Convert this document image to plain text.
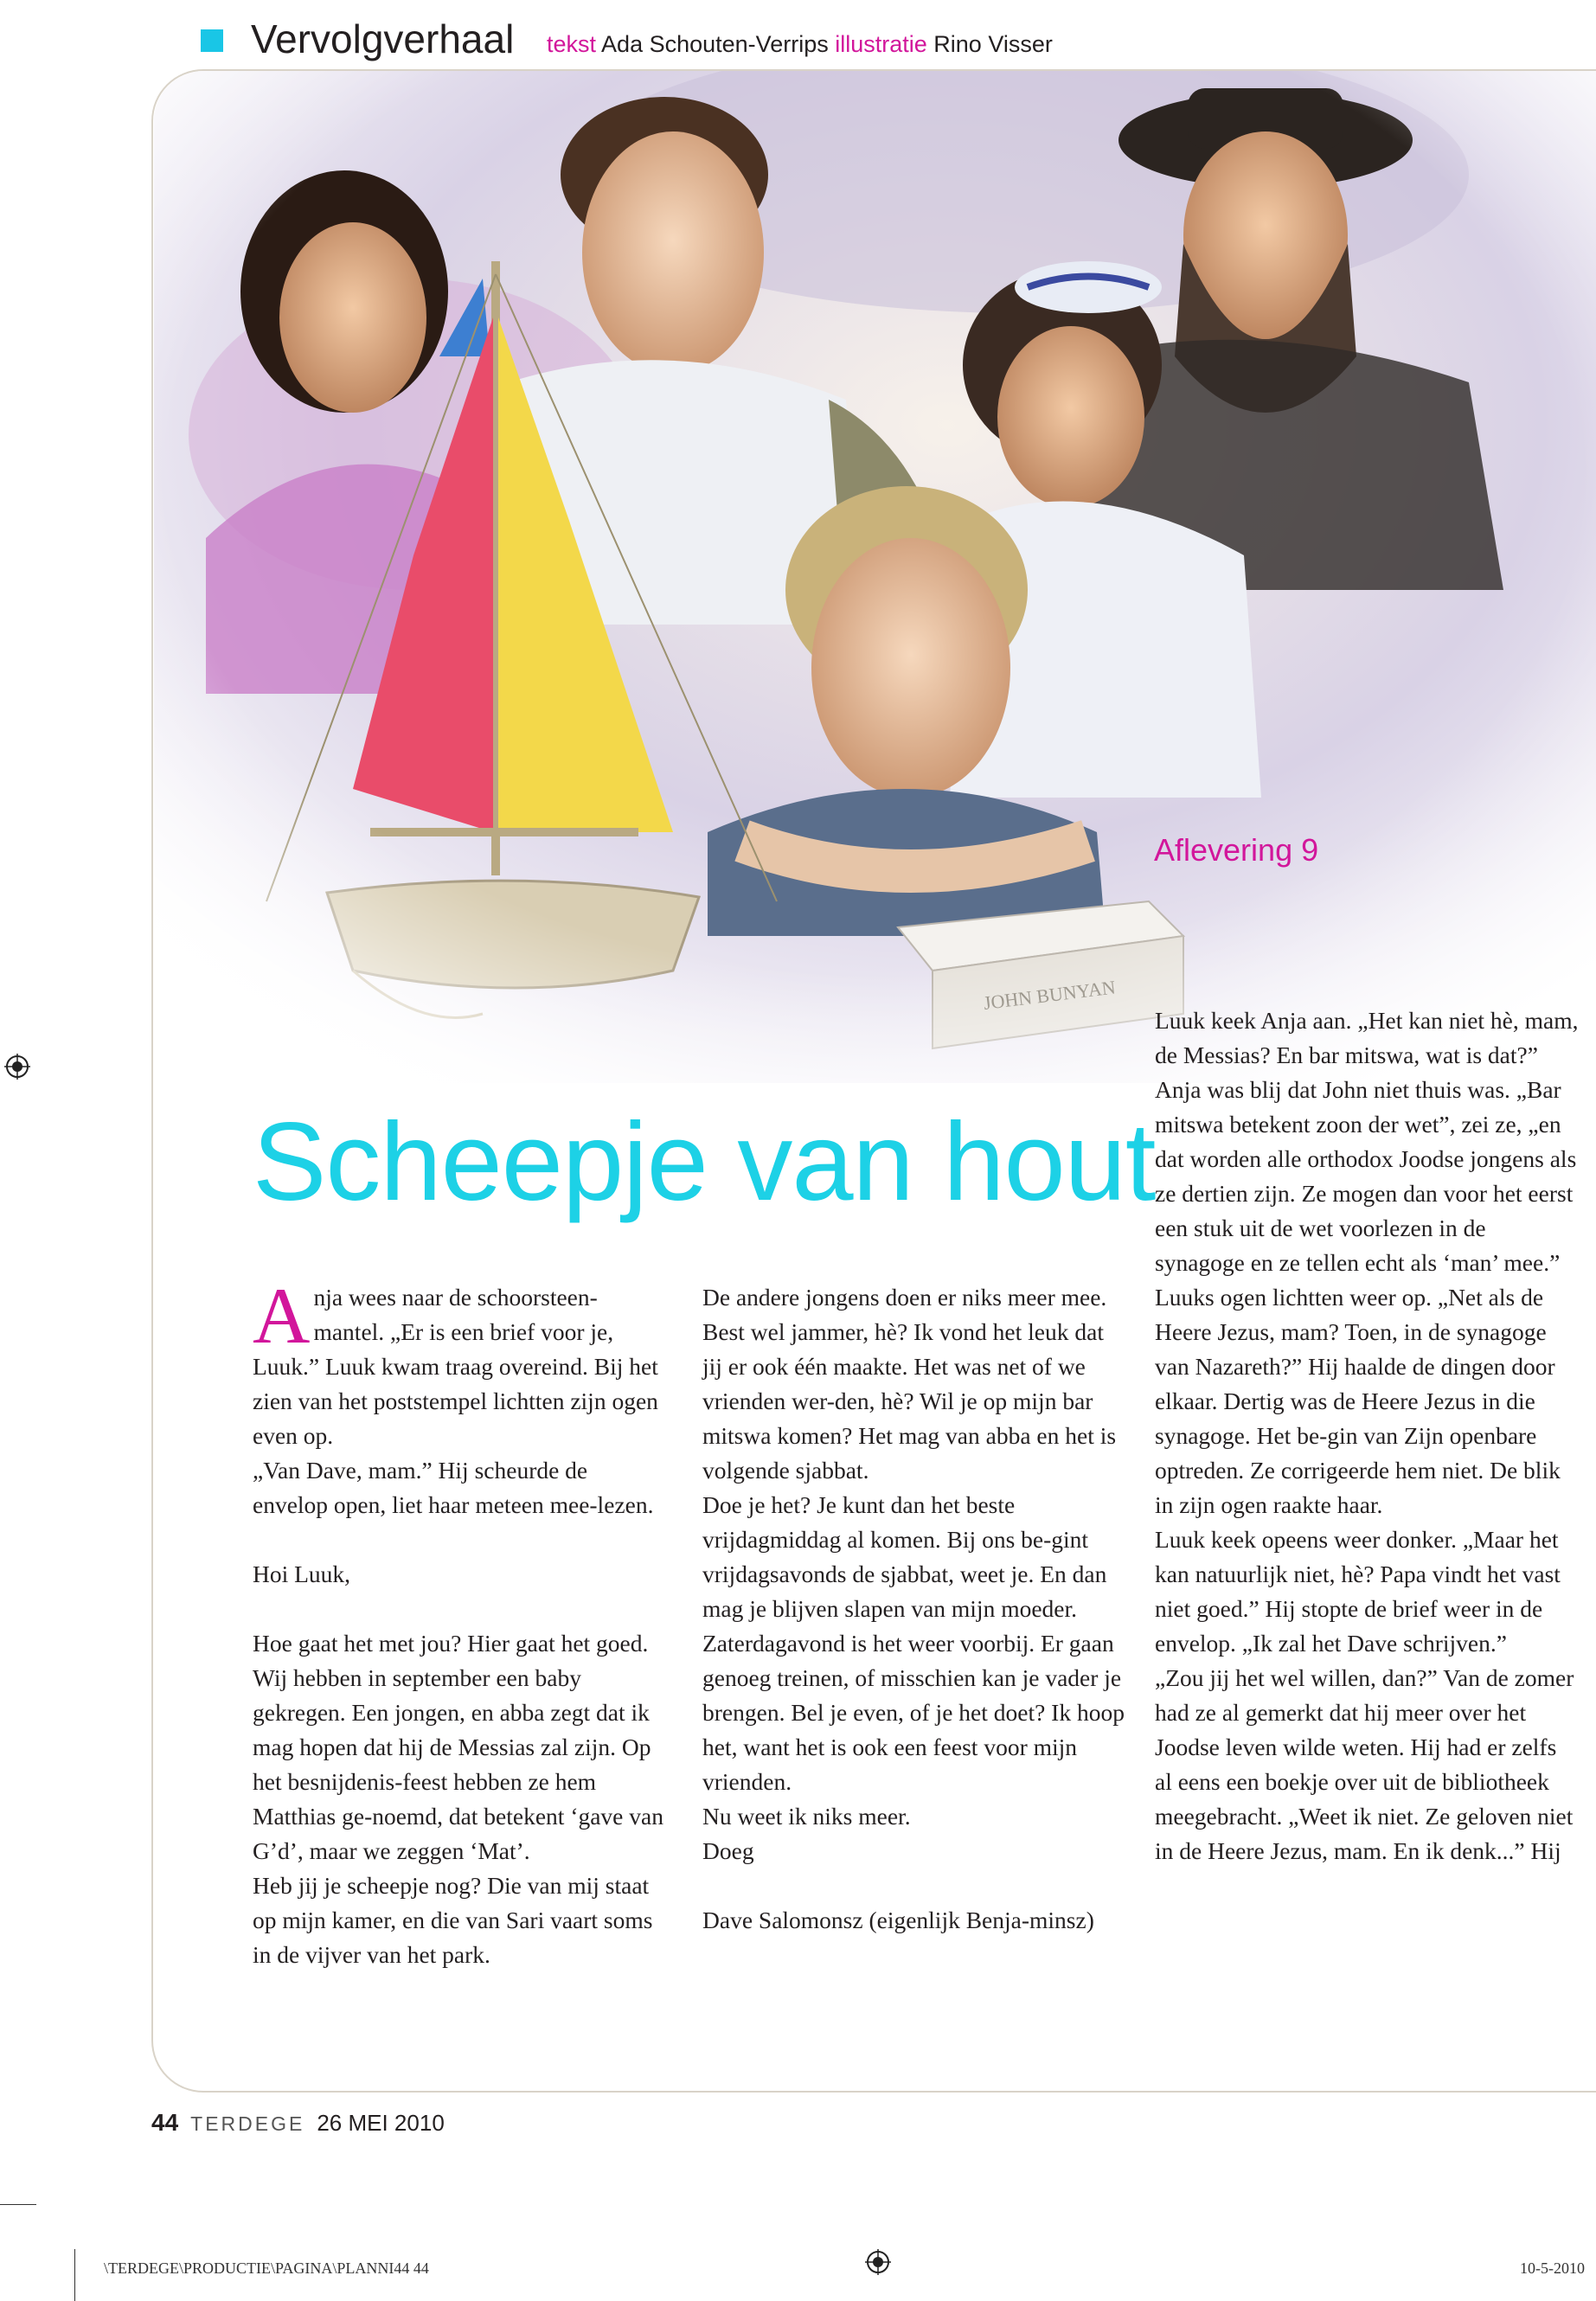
Vervolgverhaal tekst Ada Schouten-Verrips illustratie Rino Visser
Aflevering 9
Scheepje van hout

Anja wees naar de schoorsteen-mantel. „Er is een brief voor je, Luuk.” Luuk kwam traag overeind. Bij het zien van het poststempel lichtten zijn ogen even op.

„Van Dave, mam.” Hij scheurde de envelop open, liet haar meteen mee-lezen.

Hoi Luuk,

Hoe gaat het met jou? Hier gaat het goed. Wij hebben in september een baby gekregen. Een jongen, en abba zegt dat ik mag hopen dat hij de Messias zal zijn. Op het besnijdenis-feest hebben ze hem Matthias ge-noemd, dat betekent ‘gave van G’d’, maar we zeggen ‘Mat’.

Heb jij je scheepje nog? Die van mij staat op mijn kamer, en die van Sari vaart soms in de vijver van het park.

De andere jongens doen er niks meer mee. Best wel jammer, hè? Ik vond het leuk dat jij er ook één maakte. Het was net of we vrienden wer-den, hè? Wil je op mijn bar mitswa komen? Het mag van abba en het is volgende sjabbat.

Doe je het? Je kunt dan het beste vrijdagmiddag al komen. Bij ons be-gint vrijdagsavonds de sjabbat, weet je. En dan mag je blijven slapen van mijn moeder. Zaterdagavond is het weer voorbij. Er gaan genoeg treinen, of misschien kan je vader je brengen. Bel je even, of je het doet? Ik hoop het, want het is ook een feest voor mijn vrienden.

Nu weet ik niks meer.

Doeg

Dave Salomonsz (eigenlijk Benja-minsz)

Luuk keek Anja aan. „Het kan niet hè, mam, de Messias? En bar mitswa, wat is dat?”

Anja was blij dat John niet thuis was. „Bar mitswa betekent zoon der wet”, zei ze, „en dat worden alle orthodox Joodse jongens als ze dertien zijn. Ze mogen dan voor het eerst een stuk uit de wet voorlezen in de synagoge en ze tellen echt als ‘man’ mee.”

Luuks ogen lichtten weer op. „Net als de Heere Jezus, mam? Toen, in de synagoge van Nazareth?” Hij haalde de dingen door elkaar. Dertig was de Heere Jezus in die synagoge. Het be-gin van Zijn openbare optreden. Ze corrigeerde hem niet. De blik in zijn ogen raakte haar.

Luuk keek opeens weer donker. „Maar het kan natuurlijk niet, hè? Papa vindt het vast niet goed.” Hij stopte de brief weer in de envelop. „Ik zal het Dave schrijven.”

„Zou jij het wel willen, dan?” Van de zomer had ze al gemerkt dat hij meer over het Joodse leven wilde weten. Hij had er zelfs al eens een boekje over uit de bibliotheek meegebracht. „Weet ik niet. Ze geloven niet in de Heere Jezus, mam. En ik denk...” Hij

44 TERDEGE 26 MEI 2010
\TERDEGE\PRODUCTIE\PAGINA\PLANNI44 44	10-5-2010
